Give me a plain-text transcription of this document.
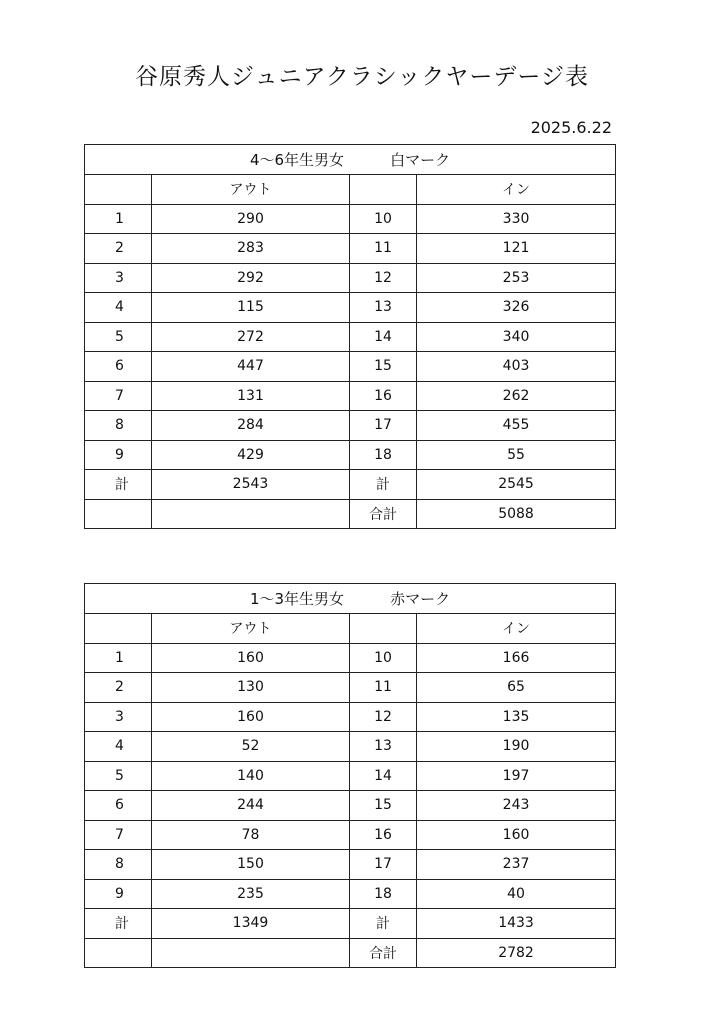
谷原秀人ジュニアクラシックヤーデージ表
2025.6.22
4～6年生男女 白マーク			
	アウト		イン
1	290	10	330
2	283	11	121
3	292	12	253
4	115	13	326
5	272	14	340
6	447	15	403
7	131	16	262
8	284	17	455
9	429	18	55
計	2543	計	2545
		合計	5088
1～3年生男女 赤マーク			
	アウト		イン
1	160	10	166
2	130	11	65
3	160	12	135
4	52	13	190
5	140	14	197
6	244	15	243
7	78	16	160
8	150	17	237
9	235	18	40
計	1349	計	1433
		合計	2782
